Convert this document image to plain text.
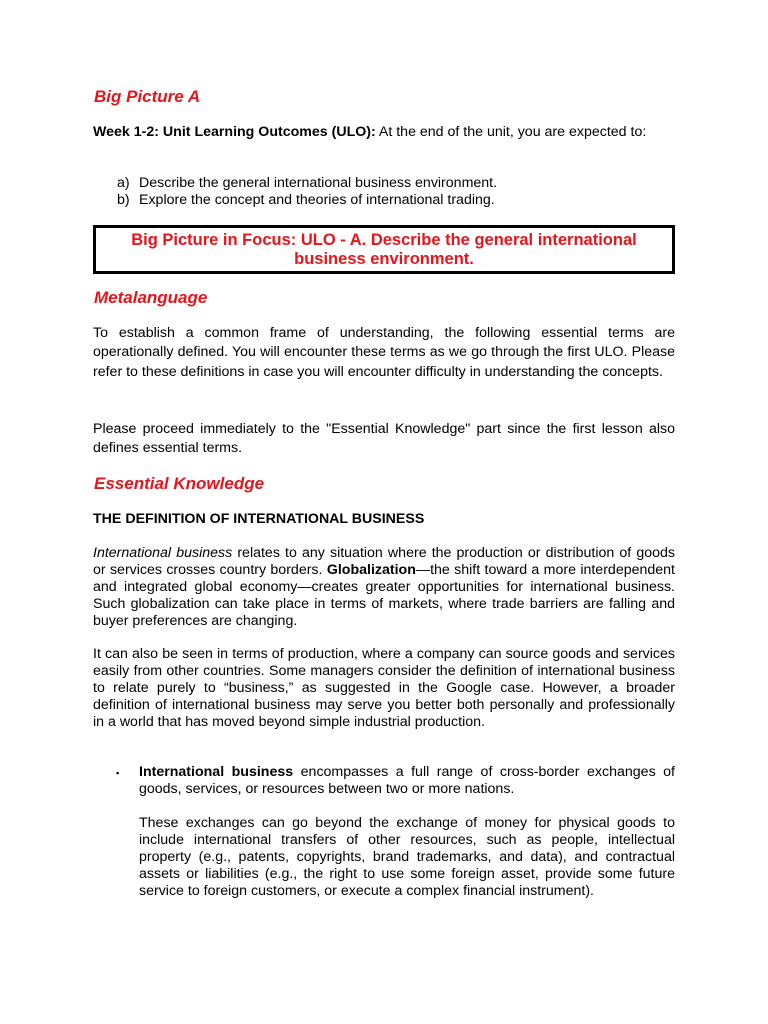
Big Picture A

Week 1-2: Unit Learning Outcomes (ULO): At the end of the unit, you are expected to:

a) Describe the general international business environment.
b) Explore the concept and theories of international trading.
Big Picture in Focus: ULO - A. Describe the general international
business environment.
Metalanguage

To establish a common frame of understanding, the following essential terms are operationally defined. You will encounter these terms as we go through the first ULO. Please refer to these definitions in case you will encounter difficulty in understanding the concepts.

Please proceed immediately to the "Essential Knowledge" part since the first lesson also defines essential terms.

Essential Knowledge

THE DEFINITION OF INTERNATIONAL BUSINESS

International business relates to any situation where the production or distribution of goods or services crosses country borders. Globalization—the shift toward a more interdependent and integrated global economy—creates greater opportunities for international business. Such globalization can take place in terms of markets, where trade barriers are falling and buyer preferences are changing.

It can also be seen in terms of production, where a company can source goods and services easily from other countries. Some managers consider the definition of international business to relate purely to “business,” as suggested in the Google case. However, a broader definition of international business may serve you better both personally and professionally in a world that has moved beyond simple industrial production.

▪ International business encompasses a full range of cross-border exchanges of goods, services, or resources between two or more nations.

These exchanges can go beyond the exchange of money for physical goods to include international transfers of other resources, such as people, intellectual property (e.g., patents, copyrights, brand trademarks, and data), and contractual assets or liabilities (e.g., the right to use some foreign asset, provide some future service to foreign customers, or execute a complex financial instrument).
